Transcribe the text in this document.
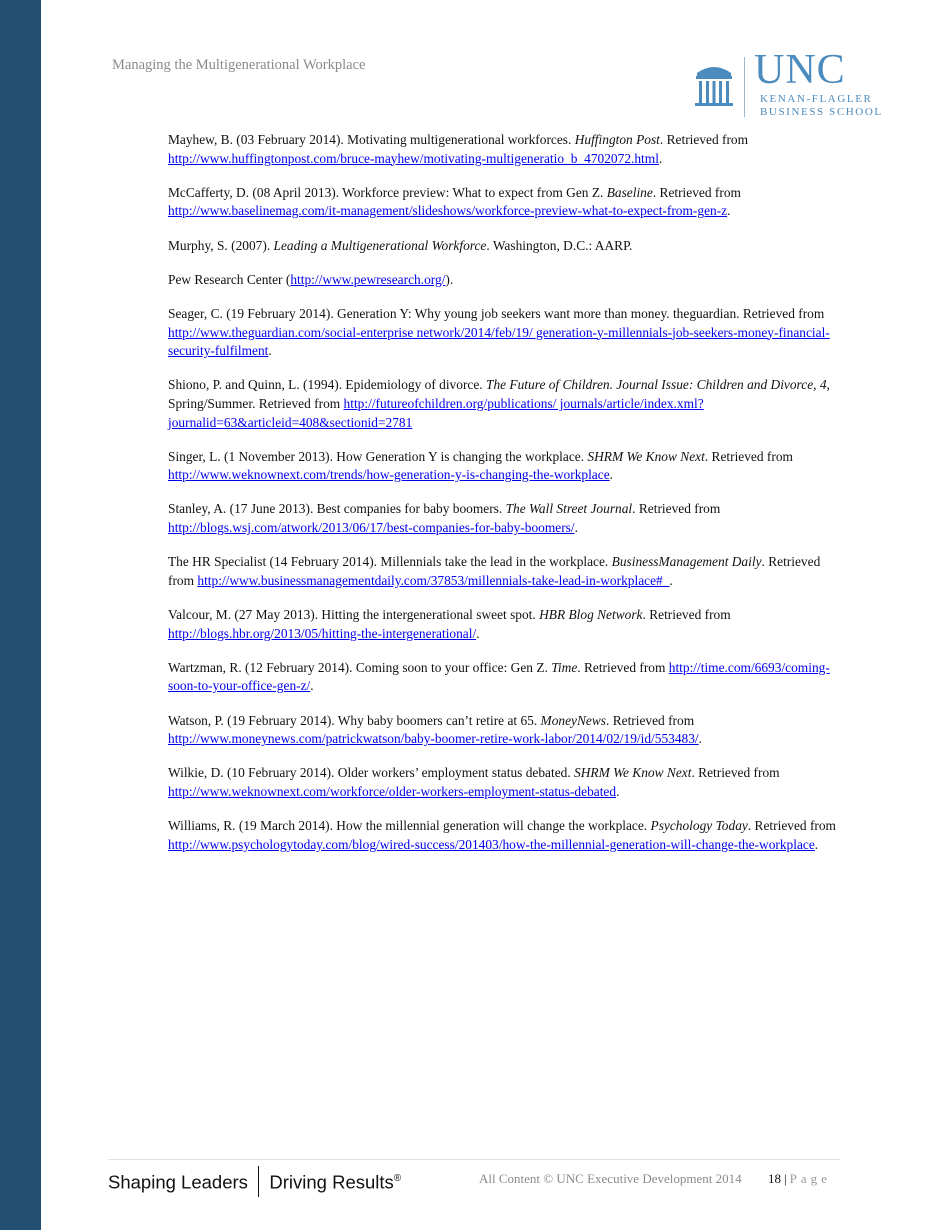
Managing the Multigenerational Workplace	UNC
KENAN-FLAGLER
BUSINESS SCHOOL

Mayhew, B. (03 February 2014). Motivating multigenerational workforces. Huffington Post. Retrieved from http://www.huffingtonpost.com/bruce-mayhew/motivating-multigeneratio_b_4702072.html.

McCafferty, D. (08 April 2013). Workforce preview: What to expect from Gen Z. Baseline. Retrieved from http://www.baselinemag.com/it-management/slideshows/workforce-preview-what-to-expect-from-gen-z.

Murphy, S. (2007). Leading a Multigenerational Workforce. Washington, D.C.: AARP.

Pew Research Center (http://www.pewresearch.org/).

Seager, C. (19 February 2014). Generation Y: Why young job seekers want more than money. theguardian. Retrieved from http://www.theguardian.com/social-enterprise network/2014/feb/19/ generation-y-millennials-job-seekers-money-financial-security-fulfilment.

Shiono, P. and Quinn, L. (1994). Epidemiology of divorce. The Future of Children. Journal Issue: Children and Divorce, 4, Spring/Summer. Retrieved from http://futureofchildren.org/publications/ journals/article/index.xml?journalid=63&articleid=408&sectionid=2781

Singer, L. (1 November 2013). How Generation Y is changing the workplace. SHRM We Know Next. Retrieved from http://www.weknownext.com/trends/how-generation-y-is-changing-the-workplace.

Stanley, A. (17 June 2013). Best companies for baby boomers. The Wall Street Journal. Retrieved from http://blogs.wsj.com/atwork/2013/06/17/best-companies-for-baby-boomers/.

The HR Specialist (14 February 2014). Millennials take the lead in the workplace. BusinessManagement Daily. Retrieved from http://www.businessmanagementdaily.com/37853/millennials-take-lead-in-workplace#_.

Valcour, M. (27 May 2013). Hitting the intergenerational sweet spot. HBR Blog Network. Retrieved from http://blogs.hbr.org/2013/05/hitting-the-intergenerational/.

Wartzman, R. (12 February 2014). Coming soon to your office: Gen Z. Time. Retrieved from http://time.com/6693/coming-soon-to-your-office-gen-z/.

Watson, P. (19 February 2014). Why baby boomers can’t retire at 65. MoneyNews. Retrieved from http://www.moneynews.com/patrickwatson/baby-boomer-retire-work-labor/2014/02/19/id/553483/.

Wilkie, D. (10 February 2014). Older workers’ employment status debated. SHRM We Know Next. Retrieved from http://www.weknownext.com/workforce/older-workers-employment-status-debated.

Williams, R. (19 March 2014). How the millennial generation will change the workplace. Psychology Today. Retrieved from http://www.psychologytoday.com/blog/wired-success/201403/how-the-millennial-generation-will-change-the-workplace.

Shaping Leaders Driving Results®	All Content © UNC Executive Development 2014 18 | Page
